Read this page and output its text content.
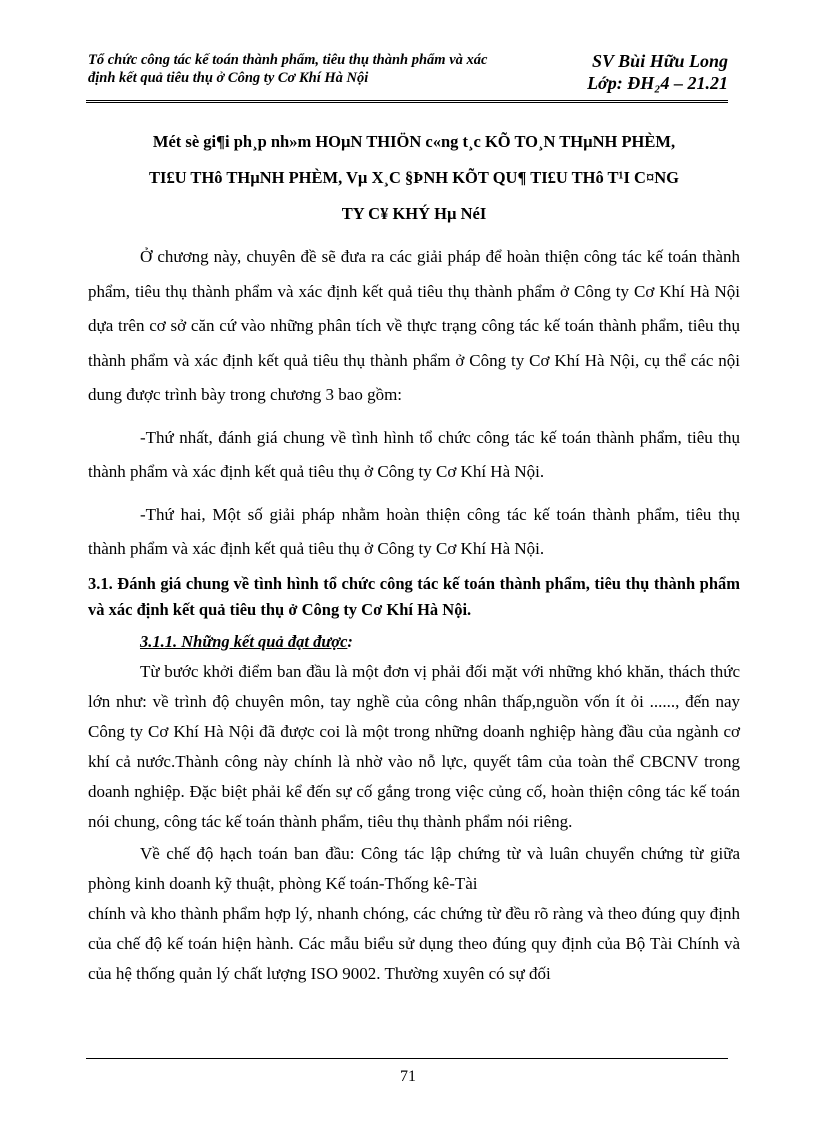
Tổ chức công tác kế toán thành phẩm, tiêu thụ thành phẩm và xác
định kết quả tiêu thụ ở Công ty Cơ Khí Hà Nội
SV Bùi Hữu Long
Lớp: ĐH₂4 – 21.21
Mét sè gi¶i ph¸p nh»m HOµN THIÖN c«ng t¸c KÕ TO¸N THµNH PHÈM,
TI£U THô THµNH PHÈM, Vµ X¸C §ÞNH KÕT QU¶ TI£U THô T¹I C¤NG
TY C¥ KHÝ Hµ NéI

Ở chương này, chuyên đề sẽ đưa ra các giải pháp để hoàn thiện công tác kế toán thành phẩm, tiêu thụ thành phẩm và xác định kết quả tiêu thụ thành phẩm ở Công ty Cơ Khí Hà Nội dựa trên cơ sở căn cứ vào những phân tích về thực trạng công tác kế toán thành phẩm, tiêu thụ thành phẩm và xác định kết quả tiêu thụ thành phẩm ở Công ty Cơ Khí Hà Nội, cụ thể các nội dung được trình bày trong chương 3 bao gồm:

-Thứ nhất, đánh giá chung về tình hình tổ chức công tác kế toán thành phẩm, tiêu thụ thành phẩm và xác định kết quả tiêu thụ ở Công ty Cơ Khí Hà Nội.

-Thứ hai, Một số giải pháp nhằm hoàn thiện công tác kế toán thành phẩm, tiêu thụ thành phẩm và xác định kết quả tiêu thụ ở Công ty Cơ Khí Hà Nội.

3.1. Đánh giá chung về tình hình tổ chức công tác kế toán thành phẩm, tiêu thụ thành phẩm và xác định kết quả tiêu thụ ở Công ty Cơ Khí Hà Nội.
3.1.1. Những kết quả đạt được:

Từ bước khởi điểm ban đầu là một đơn vị phải đối mặt với những khó khăn, thách thức lớn như: về trình độ chuyên môn, tay nghề của công nhân thấp,nguồn vốn ít ỏi ......, đến nay Công ty Cơ Khí Hà Nội đã được coi là một trong những doanh nghiệp hàng đầu của ngành cơ khí cả nước.Thành công này chính là nhờ vào nỗ lực, quyết tâm của toàn thể CBCNV trong doanh nghiệp. Đặc biệt phải kể đến sự cố gắng trong việc củng cố, hoàn thiện công tác kế toán nói chung, công tác kế toán thành phẩm, tiêu thụ thành phẩm nói riêng.

Về chế độ hạch toán ban đầu: Công tác lập chứng từ và luân chuyển chứng từ giữa phòng kinh doanh kỹ thuật, phòng Kế toán-Thống kê-Tài

chính và kho thành phẩm hợp lý, nhanh chóng, các chứng từ đều rõ ràng và theo đúng quy định của chế độ kế toán hiện hành. Các mẫu biểu sử dụng theo đúng quy định của Bộ Tài Chính và của hệ thống quản lý chất lượng ISO 9002. Thường xuyên có sự đối

71
